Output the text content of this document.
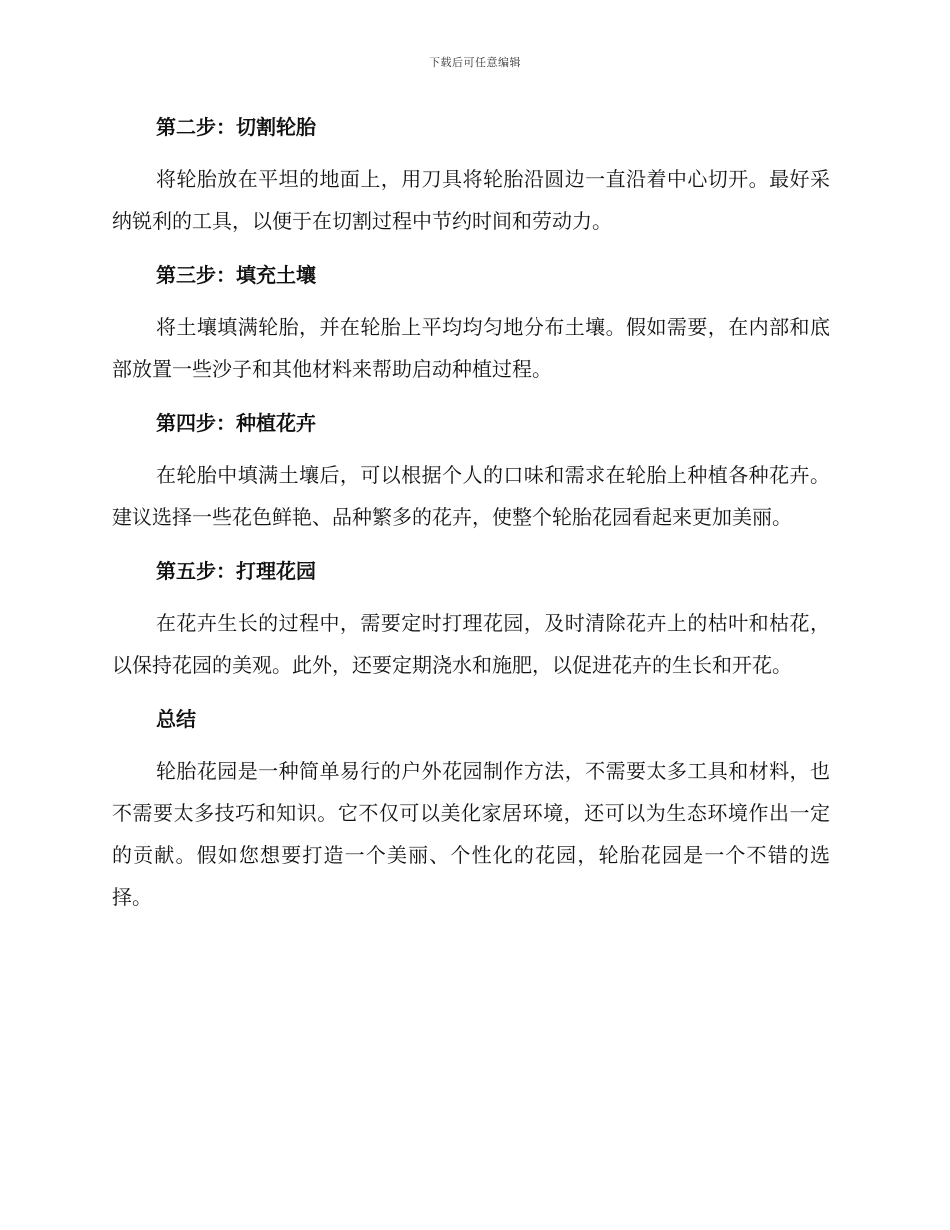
下载后可任意编辑
第二步：切割轮胎

将轮胎放在平坦的地面上，用刀具将轮胎沿圆边一直沿着中心切开。最好采纳锐利的工具，以便于在切割过程中节约时间和劳动力。

第三步：填充土壤

将土壤填满轮胎，并在轮胎上平均均匀地分布土壤。假如需要，在内部和底部放置一些沙子和其他材料来帮助启动种植过程。

第四步：种植花卉

在轮胎中填满土壤后，可以根据个人的口味和需求在轮胎上种植各种花卉。建议选择一些花色鲜艳、品种繁多的花卉，使整个轮胎花园看起来更加美丽。

第五步：打理花园

在花卉生长的过程中，需要定时打理花园，及时清除花卉上的枯叶和枯花，以保持花园的美观。此外，还要定期浇水和施肥，以促进花卉的生长和开花。

总结

轮胎花园是一种简单易行的户外花园制作方法，不需要太多工具和材料，也不需要太多技巧和知识。它不仅可以美化家居环境，还可以为生态环境作出一定的贡献。假如您想要打造一个美丽、个性化的花园，轮胎花园是一个不错的选择。
